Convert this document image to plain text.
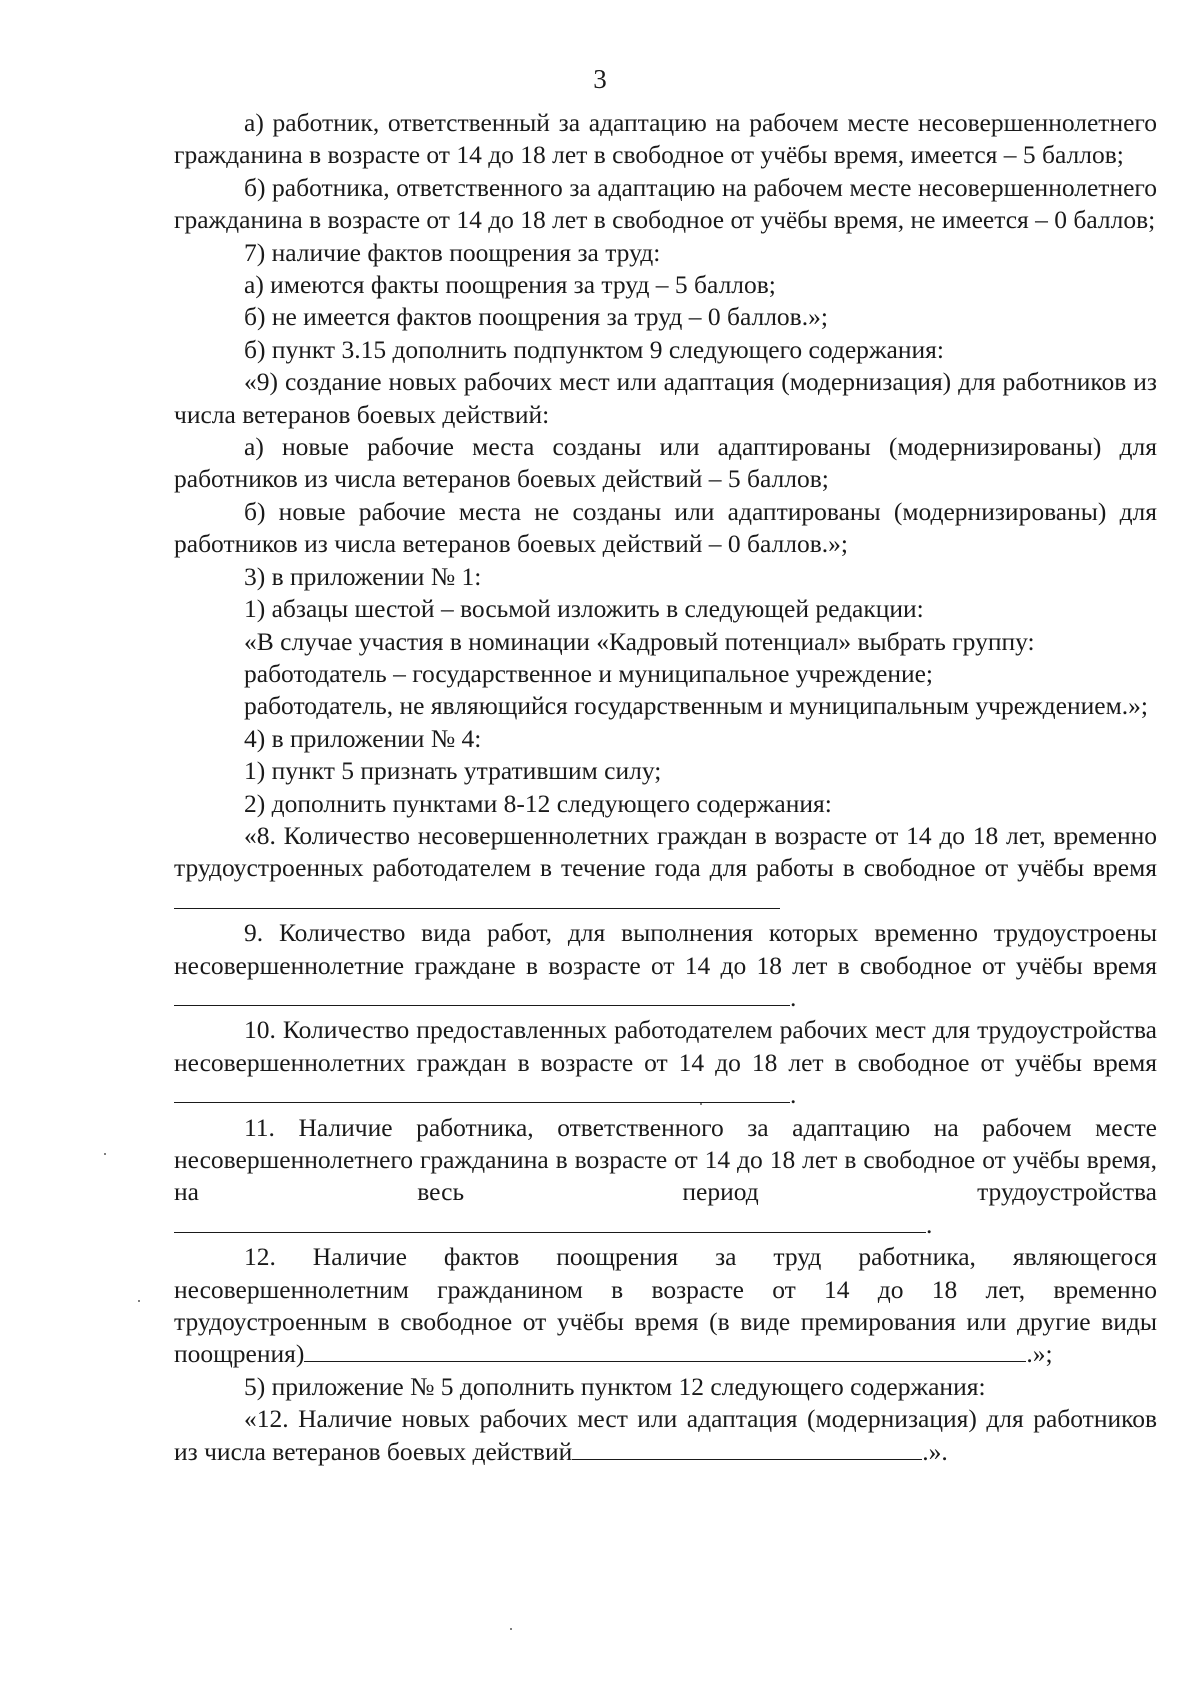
3

а) работник, ответственный за адаптацию на рабочем месте несовершеннолетнего гражданина в возрасте от 14 до 18 лет в свободное от учёбы время, имеется – 5 баллов;

б) работника, ответственного за адаптацию на рабочем месте несовершеннолетнего гражданина в возрасте от 14 до 18 лет в свободное от учёбы время, не имеется – 0 баллов;

7) наличие фактов поощрения за труд:

а) имеются факты поощрения за труд – 5 баллов;

б) не имеется фактов поощрения за труд – 0 баллов.»;

б) пункт 3.15 дополнить подпунктом 9 следующего содержания:

«9) создание новых рабочих мест или адаптация (модернизация) для работников из числа ветеранов боевых действий:

а) новые рабочие места созданы или адаптированы (модернизированы) для работников из числа ветеранов боевых действий – 5 баллов;

б) новые рабочие места не созданы или адаптированы (модернизированы) для работников из числа ветеранов боевых действий – 0 баллов.»;

3) в приложении № 1:

1) абзацы шестой – восьмой изложить в следующей редакции:

«В случае участия в номинации «Кадровый потенциал» выбрать группу:

работодатель – государственное и муниципальное учреждение;

работодатель, не являющийся государственным и муниципальным учреждением.»;

4) в приложении № 4:

1) пункт 5 признать утратившим силу;

2) дополнить пунктами 8-12 следующего содержания:

«8. Количество несовершеннолетних граждан в возрасте от 14 до 18 лет, временно трудоустроенных работодателем в течение года для работы в свободное от учёбы время

9. Количество вида работ, для выполнения которых временно трудоустроены несовершеннолетние граждане в возрасте от 14 до 18 лет в свободное от учёбы время.

10. Количество предоставленных работодателем рабочих мест для трудоустройства несовершеннолетних граждан в возрасте от 14 до 18 лет в свободное от учёбы время.

11. Наличие работника, ответственного за адаптацию на рабочем месте несовершеннолетнего гражданина в возрасте от 14 до 18 лет в свободное от учёбы время, на весь период трудоустройства.

12. Наличие фактов поощрения за труд работника, являющегося несовершеннолетним гражданином в возрасте от 14 до 18 лет, временно трудоустроенным в свободное от учёбы время (в виде премирования или другие виды поощрения)	.»;

5) приложение № 5 дополнить пунктом 12 следующего содержания:

«12. Наличие новых рабочих мест или адаптация (модернизация) для работников из числа ветеранов боевых действий	.».
